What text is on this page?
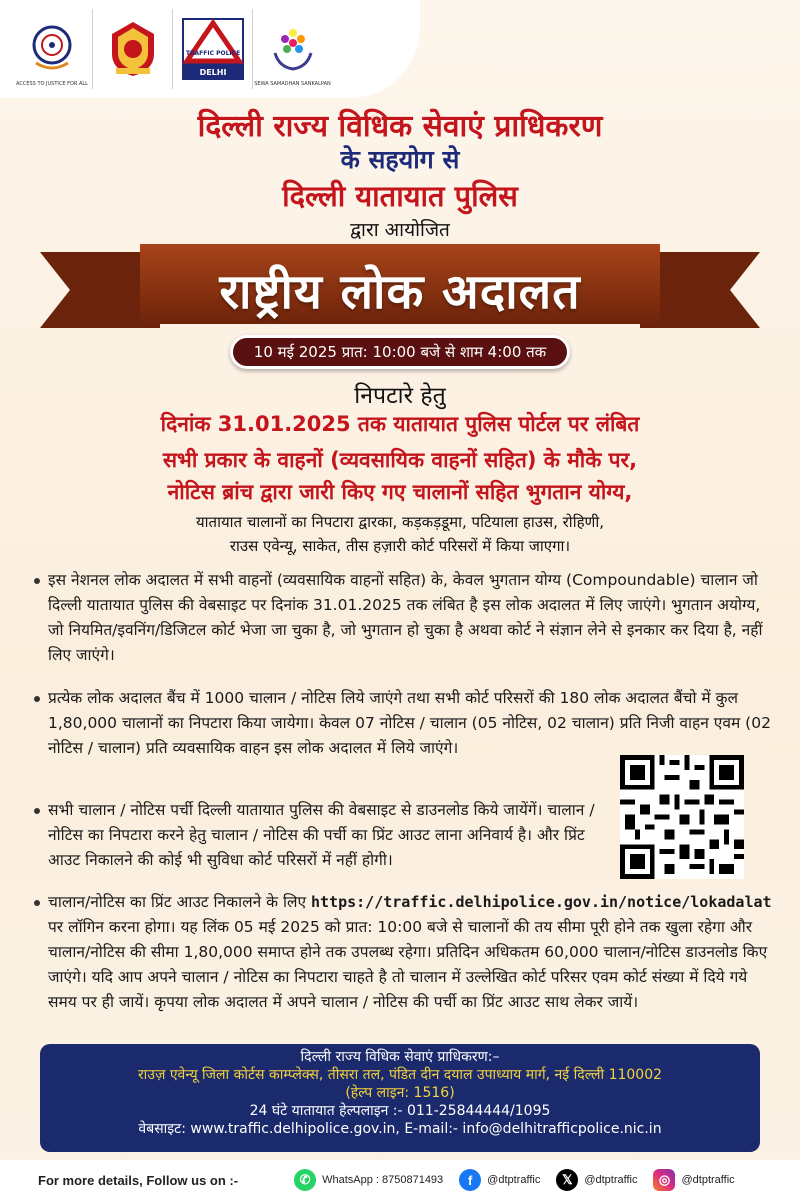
ACCESS TO JUSTICE FOR ALL
TRAFFIC POLICE
DELHI
SEWA SAMADHAN SANKALPAN
दिल्ली राज्य विधिक सेवाएं प्राधिकरण
के सहयोग से
दिल्ली यातायात पुलिस
द्वारा आयोजित
राष्ट्रीय लोक अदालत
10 मई 2025 प्रात: 10:00 बजे से शाम 4:00 तक
निपटारे हेतु
दिनांक 31.01.2025 तक यातायात पुलिस पोर्टल पर लंबित
सभी प्रकार के वाहनों (व्यवसायिक वाहनों सहित) के मौके पर,
नोटिस ब्रांच द्वारा जारी किए गए चालानों सहित भुगतान योग्य,
यातायात चालानों का निपटारा द्वारका, कड़कड़डूमा, पटियाला हाउस, रोहिणी,
राउस एवेन्यू, साकेत, तीस हज़ारी कोर्ट परिसरों में किया जाएगा।
इस नेशनल लोक अदालत में सभी वाहनों (व्यवसायिक वाहनों सहित) के, केवल भुगतान योग्य (Compoundable) चालान जो दिल्ली यातायात पुलिस की वेबसाइट पर दिनांक 31.01.2025 तक लंबित है इस लोक अदालत में लिए जाएंगे। भुगतान अयोग्य, जो नियमित/इवनिंग/डिजिटल कोर्ट भेजा जा चुका है, जो भुगतान हो चुका है अथवा कोर्ट ने संज्ञान लेने से इनकार कर दिया है, नहीं लिए जाएंगे।
प्रत्येक लोक अदालत बैंच में 1000 चालान / नोटिस लिये जाएंगे तथा सभी कोर्ट परिसरों की 180 लोक अदालत बैंचो में कुल 1,80,000 चालानों का निपटारा किया जायेगा। केवल 07 नोटिस / चालान (05 नोटिस, 02 चालान) प्रति निजी वाहन एवम (02 नोटिस / चालान) प्रति व्यवसायिक वाहन इस लोक अदालत में लिये जाएंगे।
सभी चालान / नोटिस पर्ची दिल्ली यातायात पुलिस की वेबसाइट से डाउनलोड किये जायेंगें। चालान / नोटिस का निपटारा करने हेतु चालान / नोटिस की पर्ची का प्रिंट आउट लाना अनिवार्य है। और प्रिंट आउट निकालने की कोई भी सुविधा कोर्ट परिसरों में नहीं होगी।
चालान/नोटिस का प्रिंट आउट निकालने के लिए https://traffic.delhipolice.gov.in/notice/lokadalat पर लॉगिन करना होगा। यह लिंक 05 मई 2025 को प्रात: 10:00 बजे से चालानों की तय सीमा पूरी होने तक खुला रहेगा और चालान/नोटिस की सीमा 1,80,000 समाप्त होने तक उपलब्ध रहेगा। प्रतिदिन अधिकतम 60,000 चालान/नोटिस डाउनलोड किए जाएंगे। यदि आप अपने चालान / नोटिस का निपटारा चाहते है तो चालान में उल्लेखित कोर्ट परिसर एवम कोर्ट संख्या में दिये गये समय पर ही जायें। कृपया लोक अदालत में अपने चालान / नोटिस की पर्ची का प्रिंट आउट साथ लेकर जायें।
दिल्ली राज्य विधिक सेवाएं प्राधिकरण:–
राउज़ एवेन्यू जिला कोर्टस काम्प्लेक्स, तीसरा तल, पंडित दीन दयाल उपाध्याय मार्ग, नई दिल्ली 110002
(हेल्प लाइन: 1516)
24 घंटे यातायात हेल्पलाइन :- 011-25844444/1095
वेबसाइट: www.traffic.delhipolice.gov.in, E-mail:- info@delhitrafficpolice.nic.in
For more details, Follow us on :-	✆	WhatsApp : 8750871493	f	@dtptraffic	𝕏	@dtptraffic	◎	@dtptraffic
